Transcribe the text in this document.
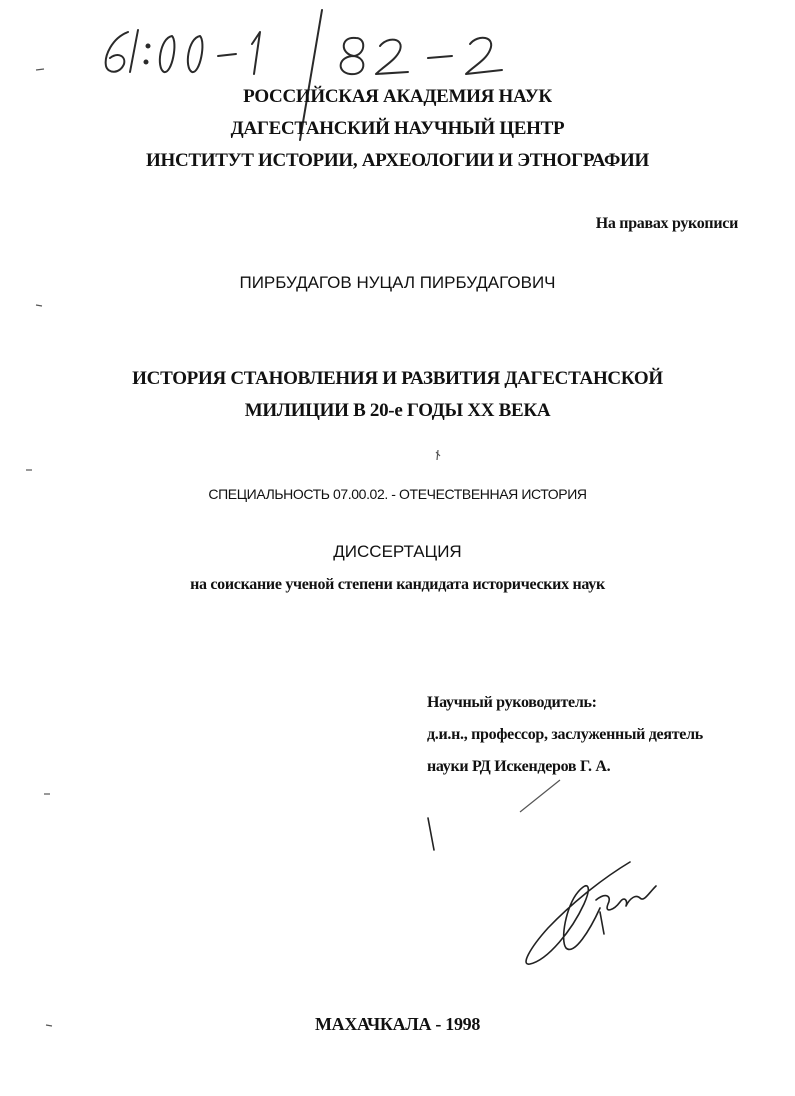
РОССИЙСКАЯ АКАДЕМИЯ НАУК
ДАГЕСТАНСКИЙ НАУЧНЫЙ ЦЕНТР
ИНСТИТУТ ИСТОРИИ, АРХЕОЛОГИИ И ЭТНОГРАФИИ
На правах рукописи
ПИРБУДАГОВ НУЦАЛ ПИРБУДАГОВИЧ
ИСТОРИЯ СТАНОВЛЕНИЯ И РАЗВИТИЯ ДАГЕСТАНСКОЙ
МИЛИЦИИ В 20-е ГОДЫ XX ВЕКА
СПЕЦИАЛЬНОСТЬ 07.00.02. - ОТЕЧЕСТВЕННАЯ ИСТОРИЯ
ДИССЕРТАЦИЯ
на соискание ученой степени кандидата исторических наук
Научный руководитель:
д.и.н., профессор, заслуженный деятель
науки РД Искендеров Г. А.
МАХАЧКАЛА - 1998
